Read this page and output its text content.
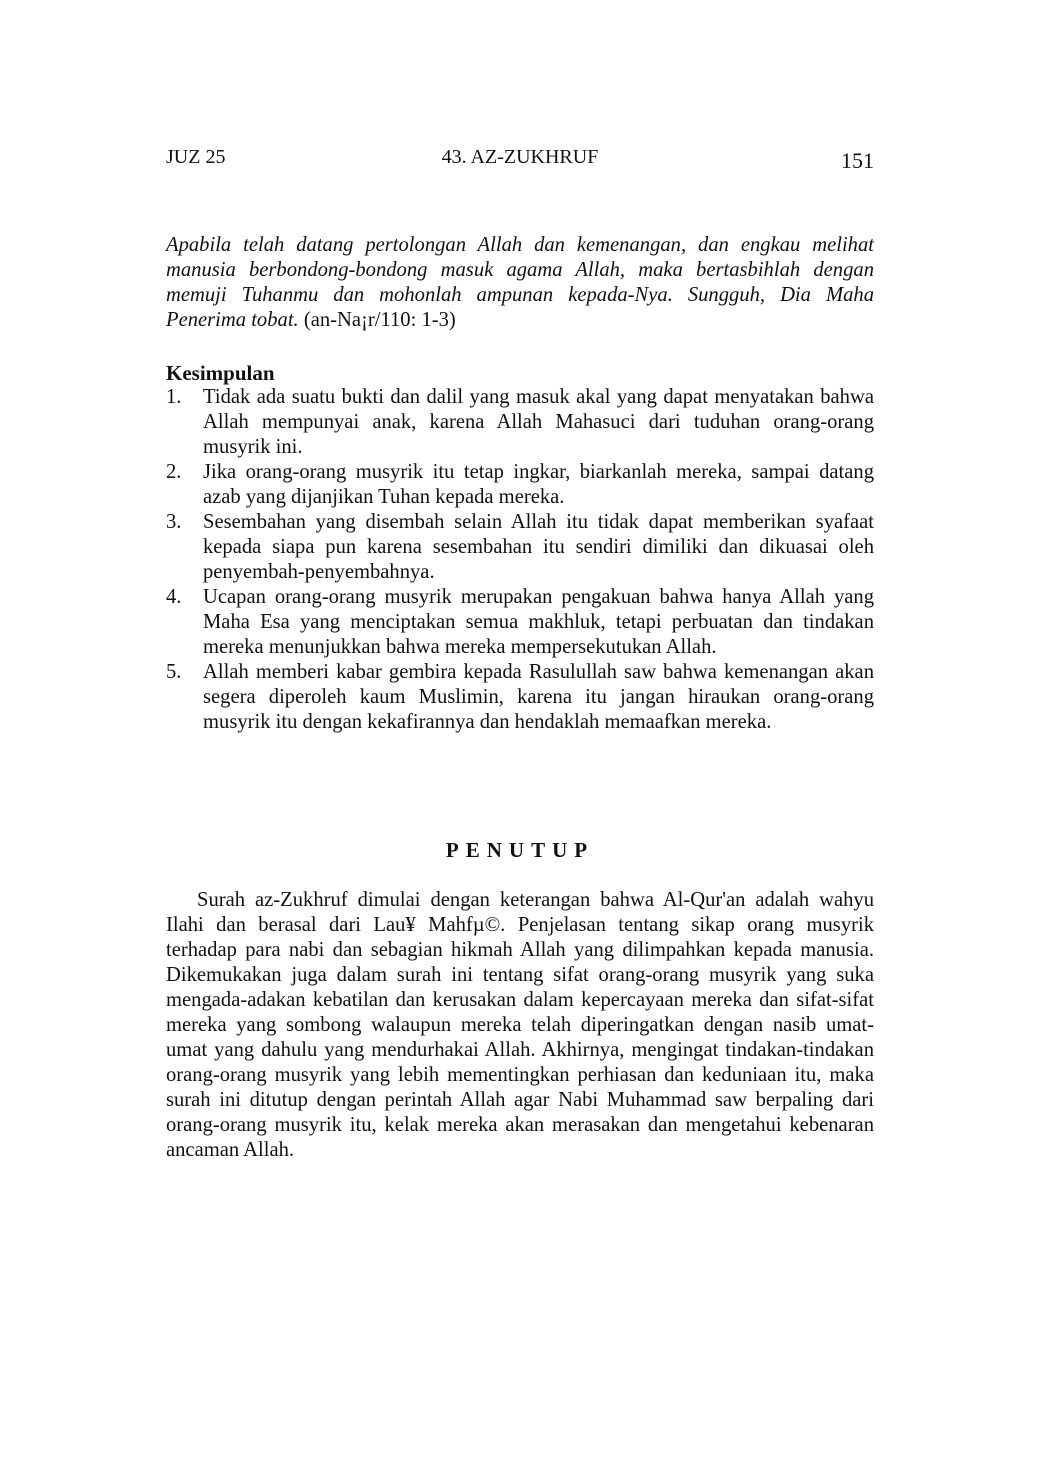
JUZ 25	43. AZ-ZUKHRUF	151

Apabila telah datang pertolongan Allah dan kemenangan, dan engkau melihat manusia berbondong-bondong masuk agama Allah, maka bertasbihlah dengan memuji Tuhanmu dan mohonlah ampunan kepada-Nya. Sungguh, Dia Maha Penerima tobat. (an-Na¡r/110: 1-3)

Kesimpulan
1. Tidak ada suatu bukti dan dalil yang masuk akal yang dapat menyatakan bahwa Allah mempunyai anak, karena Allah Mahasuci dari tuduhan orang-orang musyrik ini.
2. Jika orang-orang musyrik itu tetap ingkar, biarkanlah mereka, sampai datang azab yang dijanjikan Tuhan kepada mereka.
3. Sesembahan yang disembah selain Allah itu tidak dapat memberikan syafaat kepada siapa pun karena sesembahan itu sendiri dimiliki dan dikuasai oleh penyembah-penyembahnya.
4. Ucapan orang-orang musyrik merupakan pengakuan bahwa hanya Allah yang Maha Esa yang menciptakan semua makhluk, tetapi perbuatan dan tindakan mereka menunjukkan bahwa mereka mempersekutukan Allah.
5. Allah memberi kabar gembira kepada Rasulullah saw bahwa kemenangan akan segera diperoleh kaum Muslimin, karena itu jangan hiraukan orang-orang musyrik itu dengan kekafirannya dan hendaklah memaafkan mereka.
PENUTUP

Surah az-Zukhruf dimulai dengan keterangan bahwa Al-Qur'an adalah wahyu Ilahi dan berasal dari Lau¥ Mahfµ©. Penjelasan tentang sikap orang musyrik terhadap para nabi dan sebagian hikmah Allah yang dilimpahkan kepada manusia. Dikemukakan juga dalam surah ini tentang sifat orang-orang musyrik yang suka mengada-adakan kebatilan dan kerusakan dalam kepercayaan mereka dan sifat-sifat mereka yang sombong walaupun mereka telah diperingatkan dengan nasib umat-umat yang dahulu yang mendurhakai Allah. Akhirnya, mengingat tindakan-tindakan orang-orang musyrik yang lebih mementingkan perhiasan dan keduniaan itu, maka surah ini ditutup dengan perintah Allah agar Nabi Muhammad saw berpaling dari orang-orang musyrik itu, kelak mereka akan merasakan dan mengetahui kebenaran ancaman Allah.
